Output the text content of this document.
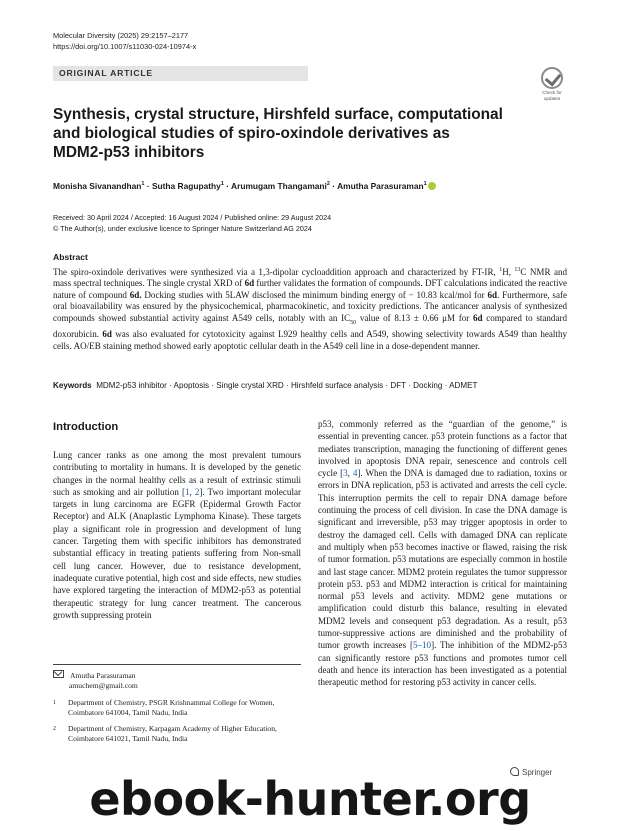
Molecular Diversity (2025) 29:2157–2177
https://doi.org/10.1007/s11030-024-10974-x
ORIGINAL ARTICLE
Check for
updates
Synthesis, crystal structure, Hirshfeld surface, computational and biological studies of spiro-oxindole derivatives as MDM2-p53 inhibitors
Monisha Sivanandhan$^1$ · Sutha Ragupathy$^1$ · Arumugam Thangamani$^2$ · Amutha Parasuraman$^1$
Received: 30 April 2024 / Accepted: 16 August 2024 / Published online: 29 August 2024
© The Author(s), under exclusive licence to Springer Nature Switzerland AG 2024
Abstract
The spiro-oxindole derivatives were synthesized via a 1,3-dipolar cycloaddition approach and characterized by FT-IR, $^1$H, $^{13}$C NMR and mass spectral techniques. The single crystal XRD of 6d further validates the formation of compounds. DFT calculations indicated the reactive nature of compound 6d. Docking studies with 5LAW disclosed the minimum binding energy of − 10.83 kcal/mol for 6d. Furthermore, safe oral bioavailability was ensured by the physicochemical, pharmacokinetic, and toxicity predictions. The anticancer analysis of synthesized compounds showed substantial activity against A549 cells, notably with an $IC_{50}$ value of 8.13 ± 0.66 μM for 6d compared to standard doxorubicin. 6d was also evaluated for cytotoxicity against L929 healthy cells and A549, showing selectivity towards A549 than healthy cells. AO/EB staining method showed early apoptotic cellular death in the A549 cell line in a dose-dependent manner.
Keywords MDM2-p53 inhibitor · Apoptosis · Single crystal XRD · Hirshfeld surface analysis · DFT · Docking · ADMET
Introduction

Lung cancer ranks as one among the most prevalent tumours contributing to mortality in humans. It is developed by the genetic changes in the normal healthy cells as a result of extrinsic stimuli such as smoking and air pollution [1, 2]. Two important molecular targets in lung carcinoma are EGFR (Epidermal Growth Factor Receptor) and ALK (Anaplastic Lymphoma Kinase). These targets play a significant role in progression and development of lung cancer. Targeting them with specific inhibitors has demonstrated substantial efficacy in treating patients suffering from Non-small cell lung cancer. However, due to resistance development, inadequate curative potential, high cost and side effects, new studies have explored targeting the interaction of MDM2-p53 as potential therapeutic strategy for lung cancer treatment. The cancerous growth suppressing protein

p53, commonly referred as the “guardian of the genome,” is essential in preventing cancer. p53 protein functions as a factor that mediates transcription, managing the functioning of different genes involved in apoptosis DNA repair, senescence and controls cell cycle [3, 4]. When the DNA is damaged due to radiation, toxins or errors in DNA replication, p53 is activated and arrests the cell cycle. This interruption permits the cell to repair DNA damage before continuing the process of cell division. In case the DNA damage is significant and irreversible, p53 may trigger apoptosis in order to destroy the damaged cell. Cells with damaged DNA can replicate and multiply when p53 becomes inactive or flawed, raising the risk of tumor formation. p53 mutations are especially common in hostile and last stage cancer. MDM2 protein regulates the tumor suppressor protein p53. p53 and MDM2 interaction is critical for maintaining normal p53 levels and activity. MDM2 gene mutations or amplification could disturb this balance, resulting in elevated MDM2 levels and consequent p53 degradation. As a result, p53 tumor-suppressive actions are diminished and the probability of tumor growth increases [5–10]. The inhibition of the MDM2-p53 can significantly restore p53 functions and promotes tumor cell death and hence its interaction has been investigated as a potential therapeutic method for restoring p53 activity in cancer cells.

Amutha Parasuraman
amuchem@gmail.com
1 Department of Chemistry, PSGR Krishnammal College for Women, Coimbatore 641004, Tamil Nadu, India
2 Department of Chemistry, Karpagam Academy of Higher Education, Coimbatore 641021, Tamil Nadu, India
Springer
ebook-hunter.org
